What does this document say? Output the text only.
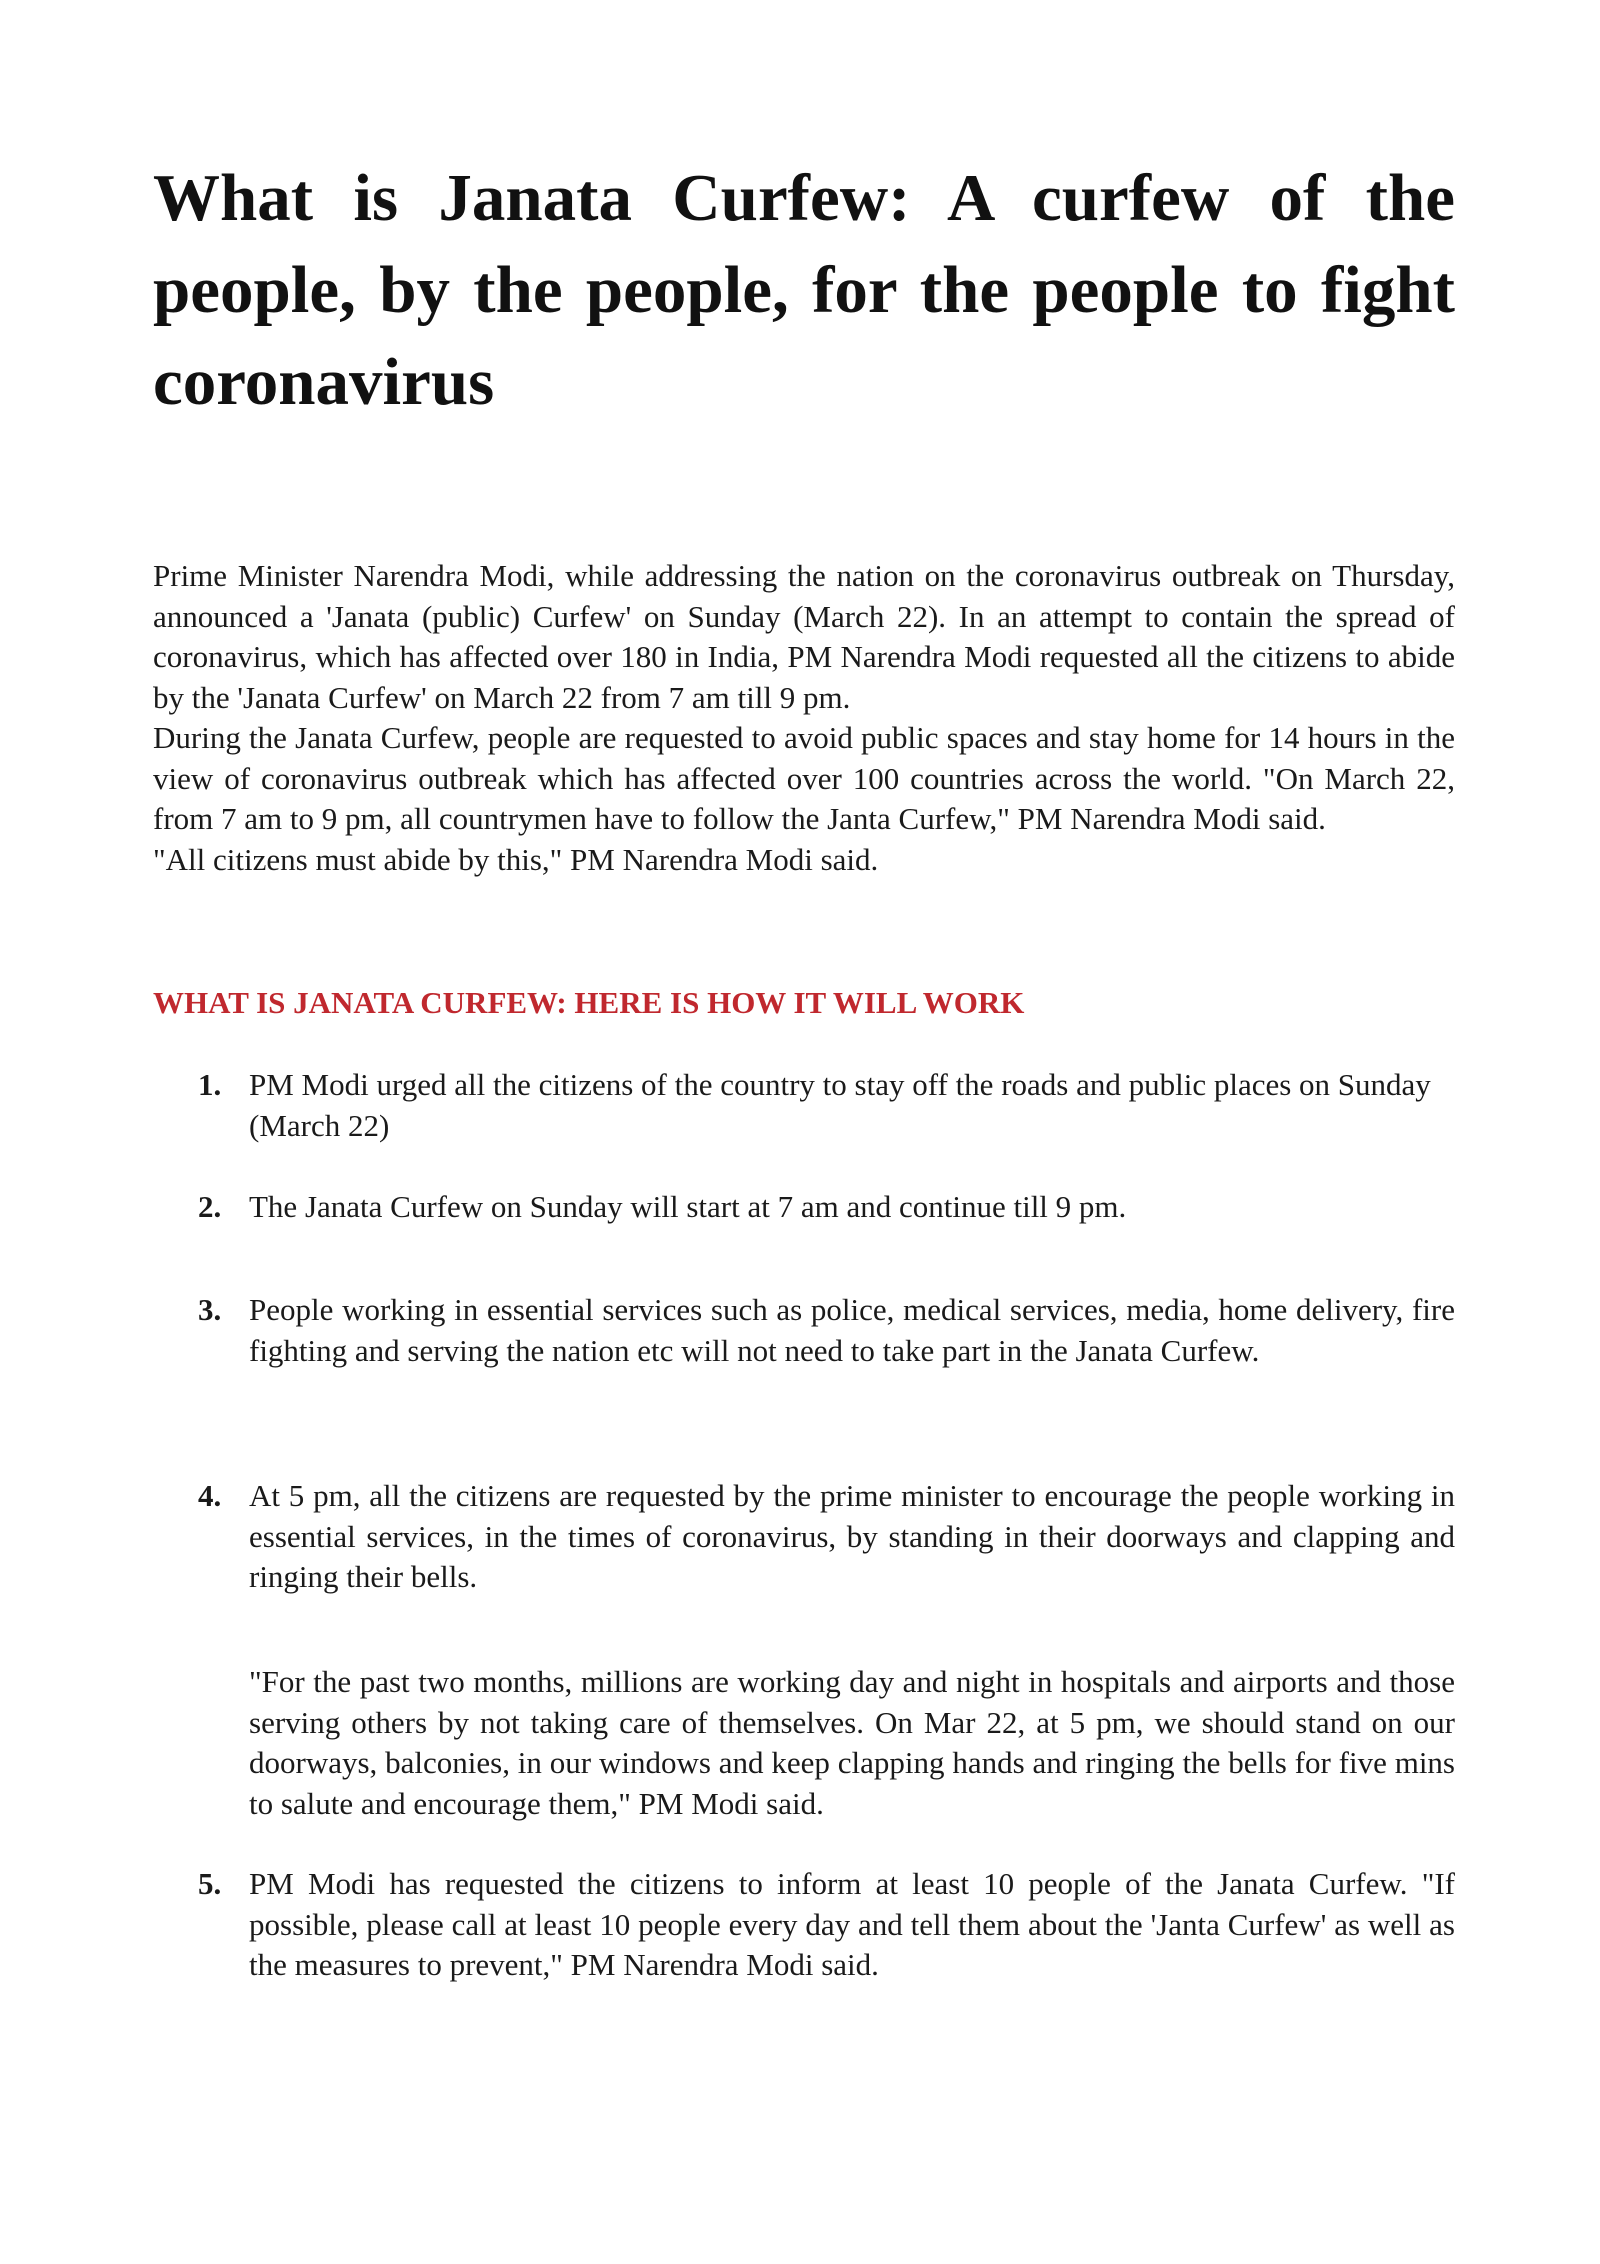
What is Janata Curfew: A curfew of the people, by the people, for the people to fight coronavirus

Prime Minister Narendra Modi, while addressing the nation on the coronavirus outbreak on Thursday, announced a 'Janata (public) Curfew' on Sunday (March 22). In an attempt to contain the spread of coronavirus, which has affected over 180 in India, PM Narendra Modi requested all the citizens to abide by the 'Janata Curfew' on March 22 from 7 am till 9 pm.

During the Janata Curfew, people are requested to avoid public spaces and stay home for 14 hours in the view of coronavirus outbreak which has affected over 100 countries across the world. "On March 22, from 7 am to 9 pm, all countrymen have to follow the Janta Curfew," PM Narendra Modi said.

"All citizens must abide by this," PM Narendra Modi said.

WHAT IS JANATA CURFEW: HERE IS HOW IT WILL WORK
1. PM Modi urged all the citizens of the country to stay off the roads and public places on Sunday (March 22)

2. The Janata Curfew on Sunday will start at 7 am and continue till 9 pm.

3. People working in essential services such as police, medical services, media, home delivery, fire fighting and serving the nation etc will not need to take part in the Janata Curfew.

4. At 5 pm, all the citizens are requested by the prime minister to encourage the people working in essential services, in the times of coronavirus, by standing in their doorways and clapping and ringing their bells.

"For the past two months, millions are working day and night in hospitals and airports and those serving others by not taking care of themselves. On Mar 22, at 5 pm, we should stand on our doorways, balconies, in our windows and keep clapping hands and ringing the bells for five mins to salute and encourage them," PM Modi said.

5. PM Modi has requested the citizens to inform at least 10 people of the Janata Curfew. "If possible, please call at least 10 people every day and tell them about the 'Janta Curfew' as well as the measures to prevent," PM Narendra Modi said.
